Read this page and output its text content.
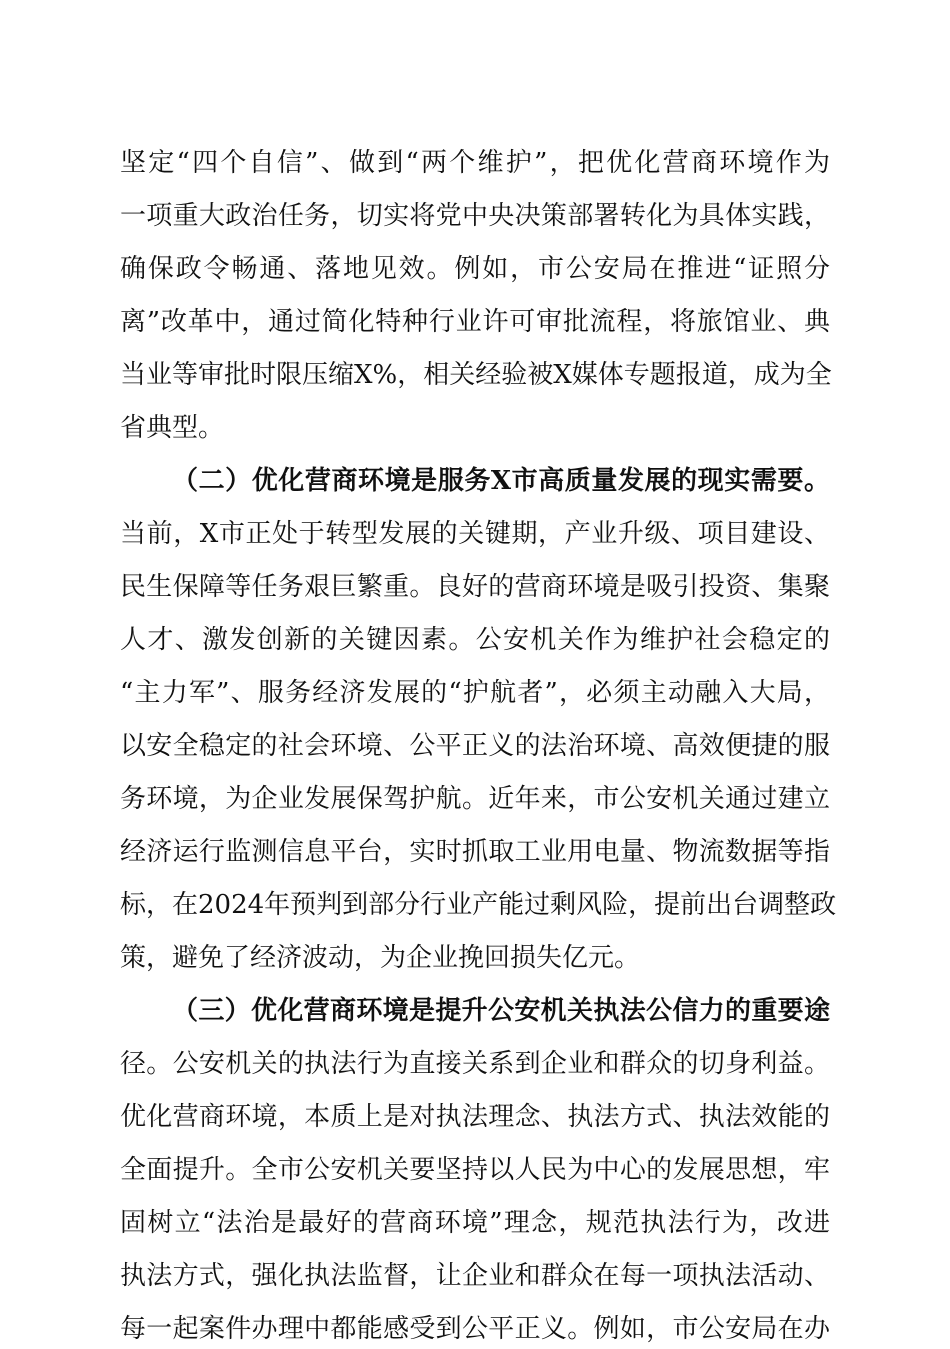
坚定“四个自信”、做到“两个维护”，把优化营商环境作为
一项重大政治任务，切实将党中央决策部署转化为具体实践，
确保政令畅通、落地见效。例如，市公安局在推进“证照分
离”改革中，通过简化特种行业许可审批流程，将旅馆业、典
当业等审批时限压缩X%，相关经验被X媒体专题报道，成为全
省典型。
（二）优化营商环境是服务X市高质量发展的现实需要。
当前，X市正处于转型发展的关键期，产业升级、项目建设、
民生保障等任务艰巨繁重。良好的营商环境是吸引投资、集聚
人才、激发创新的关键因素。公安机关作为维护社会稳定的
“主力军”、服务经济发展的“护航者”，必须主动融入大局，
以安全稳定的社会环境、公平正义的法治环境、高效便捷的服
务环境，为企业发展保驾护航。近年来，市公安机关通过建立
经济运行监测信息平台，实时抓取工业用电量、物流数据等指
标，在2024年预判到部分行业产能过剩风险，提前出台调整政
策，避免了经济波动，为企业挽回损失亿元。
（三）优化营商环境是提升公安机关执法公信力的重要途
径。公安机关的执法行为直接关系到企业和群众的切身利益。
优化营商环境，本质上是对执法理念、执法方式、执法效能的
全面提升。全市公安机关要坚持以人民为中心的发展思想，牢
固树立“法治是最好的营商环境”理念，规范执法行为，改进
执法方式，强化执法监督，让企业和群众在每一项执法活动、
每一起案件办理中都能感受到公平正义。例如，市公安局在办
